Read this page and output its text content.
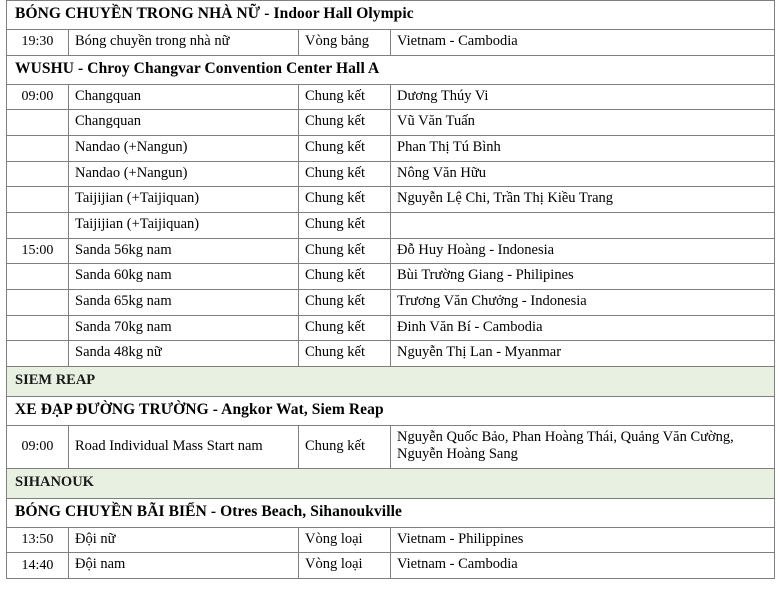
BÓNG CHUYỀN TRONG NHÀ NỮ - Indoor Hall Olympic			
19:30	Bóng chuyền trong nhà nữ	Vòng bảng	Vietnam - Cambodia
WUSHU - Chroy Changvar Convention Center Hall A			
09:00	Changquan	Chung kết	Dương Thúy Vi
	Changquan	Chung kết	Vũ Văn Tuấn
	Nandao (+Nangun)	Chung kết	Phan Thị Tú Bình
	Nandao (+Nangun)	Chung kết	Nông Văn Hữu
	Taijijian (+Taijiquan)	Chung kết	Nguyễn Lệ Chi, Trần Thị Kiều Trang
	Taijijian (+Taijiquan)	Chung kết	
15:00	Sanda 56kg nam	Chung kết	Đỗ Huy Hoàng - Indonesia
	Sanda 60kg nam	Chung kết	Bùi Trường Giang - Philipines
	Sanda 65kg nam	Chung kết	Trương Văn Chưởng - Indonesia
	Sanda 70kg nam	Chung kết	Đinh Văn Bí - Cambodia
	Sanda 48kg nữ	Chung kết	Nguyễn Thị Lan - Myanmar
SIEM REAP			
XE ĐẠP ĐƯỜNG TRƯỜNG - Angkor Wat, Siem Reap			
09:00	Road Individual Mass Start nam	Chung kết	Nguyễn Quốc Bảo, Phan Hoàng Thái, Quảng Văn Cường, Nguyễn Hoàng Sang
SIHANOUK			
BÓNG CHUYỀN BÃI BIỂN - Otres Beach, Sihanoukville			
13:50	Đội nữ	Vòng loại	Vietnam - Philippines
14:40	Đội nam	Vòng loại	Vietnam - Cambodia
